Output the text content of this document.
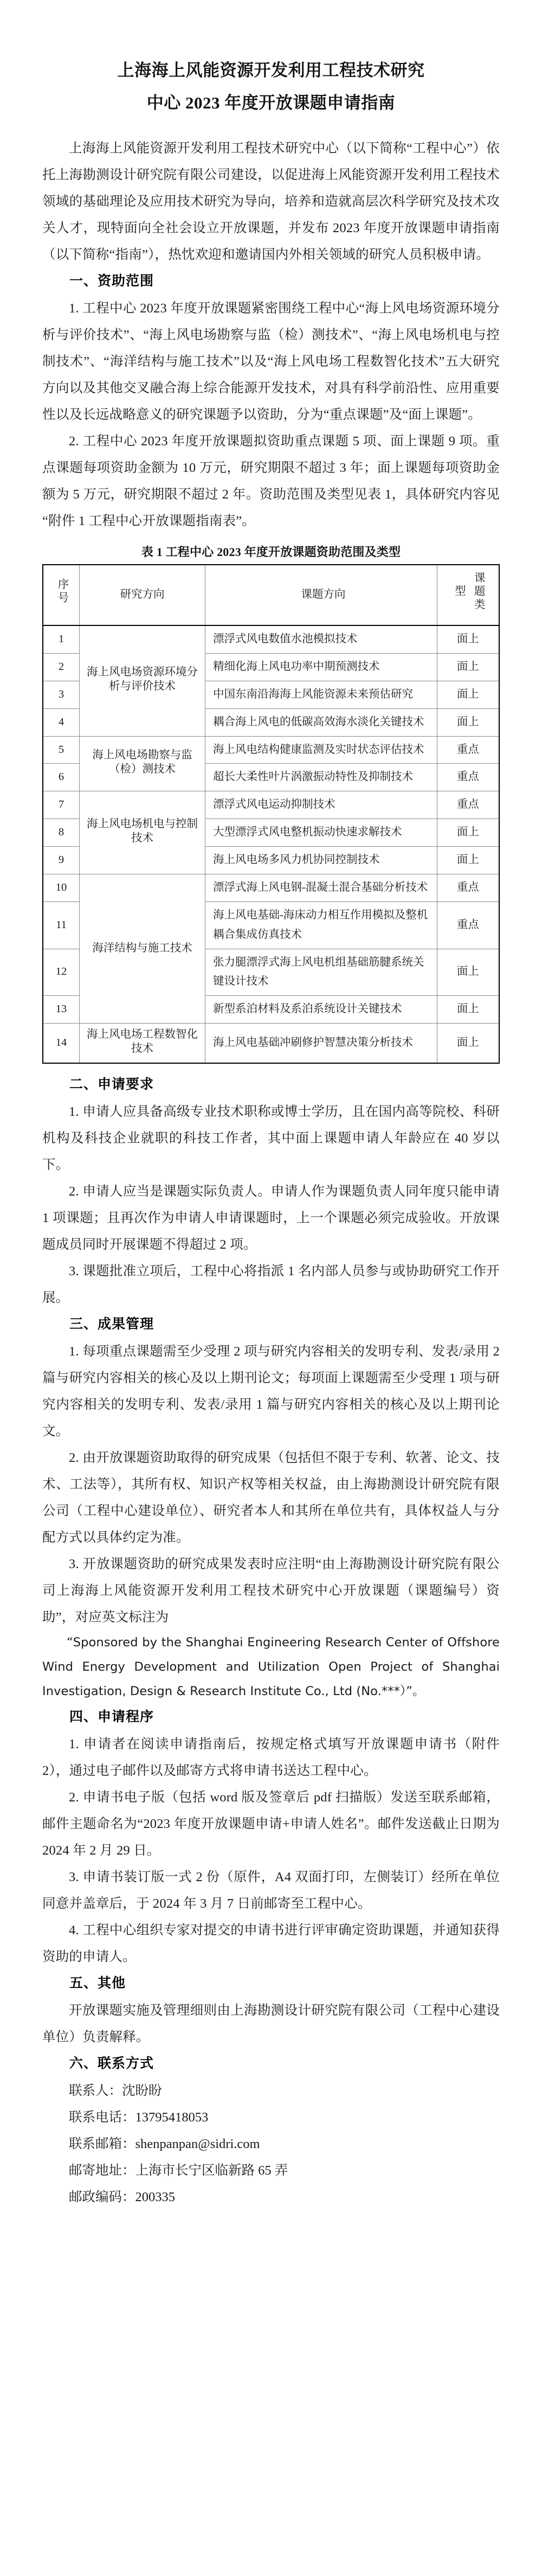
上海海上风能资源开发利用工程技术研究
中心 2023 年度开放课题申请指南

上海海上风能资源开发利用工程技术研究中心（以下简称“工程中心”）依托上海勘测设计研究院有限公司建设，以促进海上风能资源开发利用工程技术领域的基础理论及应用技术研究为导向，培养和造就高层次科学研究及技术攻关人才，现特面向全社会设立开放课题，并发布 2023 年度开放课题申请指南（以下简称“指南”），热忱欢迎和邀请国内外相关领域的研究人员积极申请。

一、资助范围

1. 工程中心 2023 年度开放课题紧密围绕工程中心“海上风电场资源环境分析与评价技术”、“海上风电场勘察与监（检）测技术”、“海上风电场机电与控制技术”、“海洋结构与施工技术”以及“海上风电场工程数智化技术”五大研究方向以及其他交叉融合海上综合能源开发技术，对具有科学前沿性、应用重要性以及长远战略意义的研究课题予以资助，分为“重点课题”及“面上课题”。

2. 工程中心 2023 年度开放课题拟资助重点课题 5 项、面上课题 9 项。重点课题每项资助金额为 10 万元，研究期限不超过 3 年；面上课题每项资助金额为 5 万元，研究期限不超过 2 年。资助范围及类型见表 1，具体研究内容见“附件 1 工程中心开放课题指南表”。

表 1 工程中心 2023 年度开放课题资助范围及类型
序号	研究方向	课题方向	课题类型
1	海上风电场资源环境分析与评价技术	漂浮式风电数值水池模拟技术	面上
2		精细化海上风电功率中期预测技术	面上
3		中国东南沿海海上风能资源未来预估研究	面上
4		耦合海上风电的低碳高效海水淡化关键技术	面上
5	海上风电场勘察与监（检）测技术	海上风电结构健康监测及实时状态评估技术	重点
6		超长大柔性叶片涡激振动特性及抑制技术	重点
7	海上风电场机电与控制技术	漂浮式风电运动抑制技术	重点
8		大型漂浮式风电整机振动快速求解技术	面上
9		海上风电场多风力机协同控制技术	面上
10	海洋结构与施工技术	漂浮式海上风电钢-混凝土混合基础分析技术	重点
11		海上风电基础-海床动力相互作用模拟及整机耦合集成仿真技术	重点
12		张力腿漂浮式海上风电机组基础筋腱系统关键设计技术	面上
13		新型系泊材料及系泊系统设计关键技术	面上
14	海上风电场工程数智化技术	海上风电基础冲刷修护智慧决策分析技术	面上
二、申请要求

1. 申请人应具备高级专业技术职称或博士学历，且在国内高等院校、科研机构及科技企业就职的科技工作者，其中面上课题申请人年龄应在 40 岁以下。

2. 申请人应当是课题实际负责人。申请人作为课题负责人同年度只能申请 1 项课题；且再次作为申请人申请课题时，上一个课题必须完成验收。开放课题成员同时开展课题不得超过 2 项。

3. 课题批准立项后，工程中心将指派 1 名内部人员参与或协助研究工作开展。

三、成果管理

1. 每项重点课题需至少受理 2 项与研究内容相关的发明专利、发表/录用 2 篇与研究内容相关的核心及以上期刊论文；每项面上课题需至少受理 1 项与研究内容相关的发明专利、发表/录用 1 篇与研究内容相关的核心及以上期刊论文。

2. 由开放课题资助取得的研究成果（包括但不限于专利、软著、论文、技术、工法等），其所有权、知识产权等相关权益，由上海勘测设计研究院有限公司（工程中心建设单位）、研究者本人和其所在单位共有，具体权益人与分配方式以具体约定为准。

3. 开放课题资助的研究成果发表时应注明“由上海勘测设计研究院有限公司上海海上风能资源开发利用工程技术研究中心开放课题（课题编号）资助”，对应英文标注为

“Sponsored by the Shanghai Engineering Research Center of Offshore Wind Energy Development and Utilization Open Project of Shanghai Investigation, Design & Research Institute Co., Ltd (No.***）”。

四、申请程序

1. 申请者在阅读申请指南后，按规定格式填写开放课题申请书（附件 2），通过电子邮件以及邮寄方式将申请书送达工程中心。

2. 申请书电子版（包括 word 版及签章后 pdf 扫描版）发送至联系邮箱，邮件主题命名为“2023 年度开放课题申请+申请人姓名”。邮件发送截止日期为 2024 年 2 月 29 日。

3. 申请书装订版一式 2 份（原件，A4 双面打印，左侧装订）经所在单位同意并盖章后，于 2024 年 3 月 7 日前邮寄至工程中心。

4. 工程中心组织专家对提交的申请书进行评审确定资助课题，并通知获得资助的申请人。

五、其他

开放课题实施及管理细则由上海勘测设计研究院有限公司（工程中心建设单位）负责解释。

六、联系方式

联系人：沈盼盼

联系电话：13795418053

联系邮箱：shenpanpan@sidri.com

邮寄地址：上海市长宁区临新路 65 弄

邮政编码：200335
